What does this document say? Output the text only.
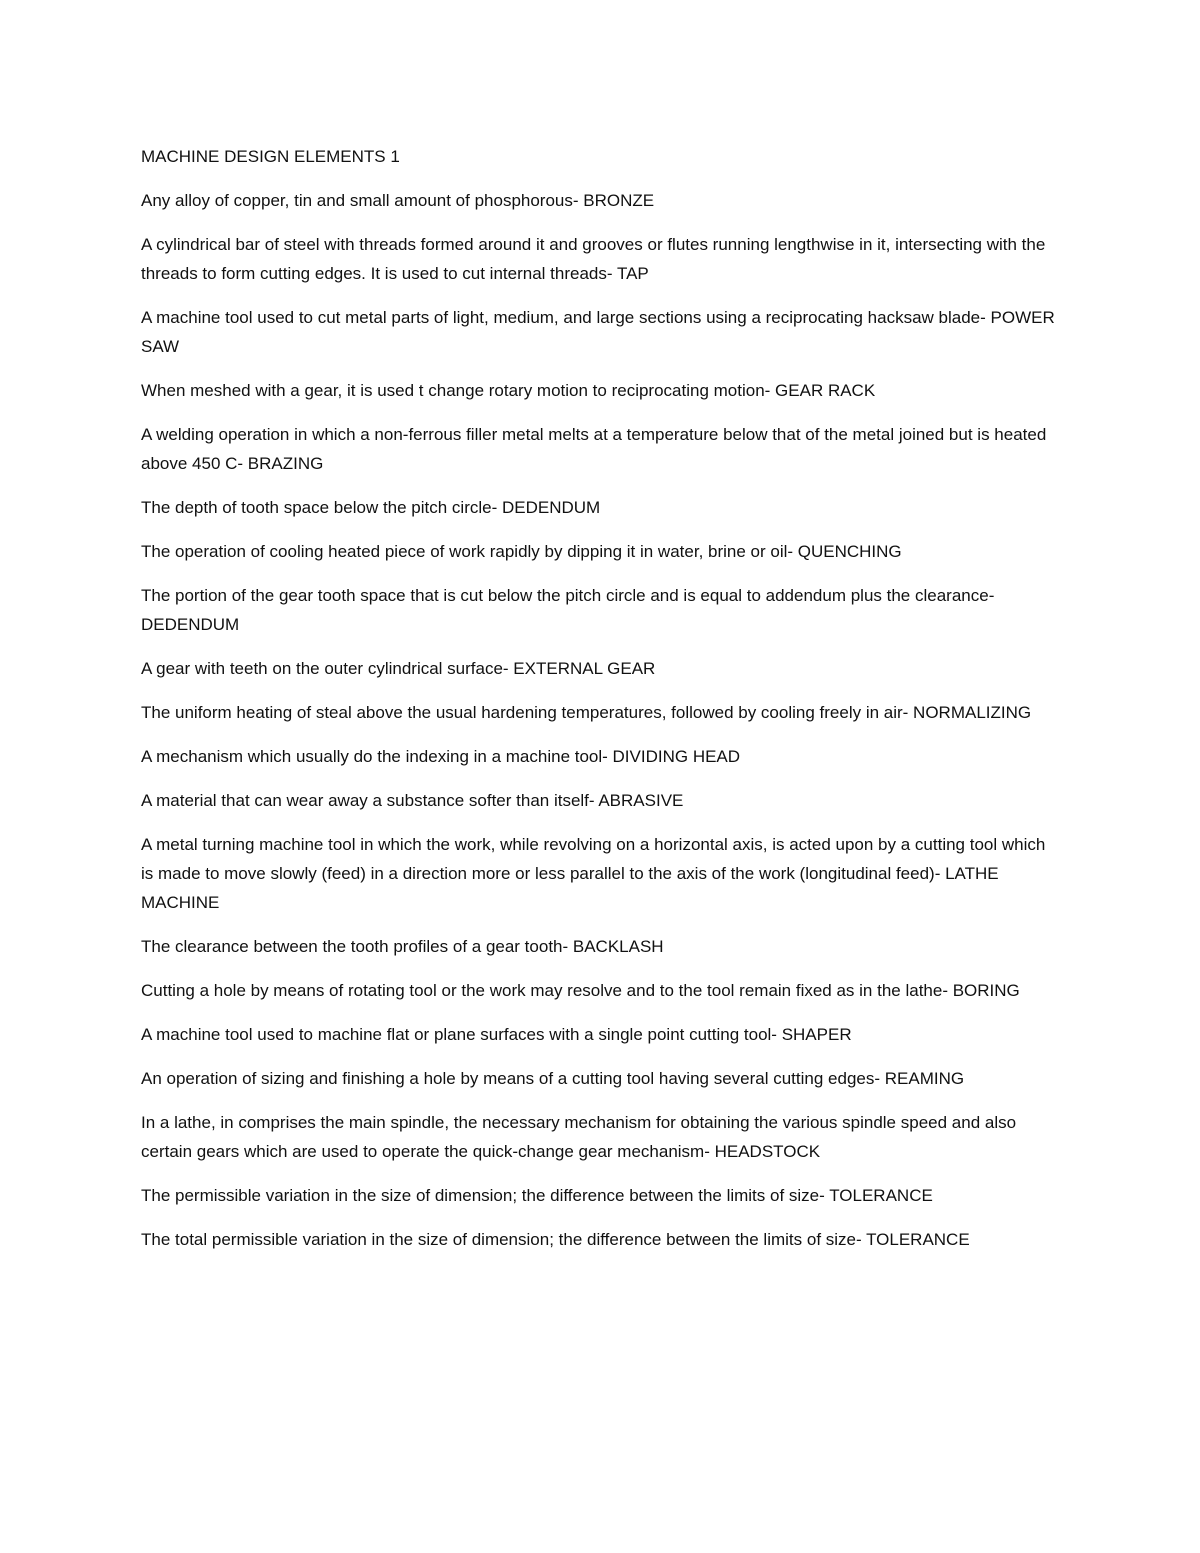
MACHINE DESIGN ELEMENTS 1

Any alloy of copper, tin and small amount of phosphorous- BRONZE

A cylindrical bar of steel with threads formed around it and grooves or flutes running lengthwise in it, intersecting with the threads to form cutting edges. It is used to cut internal threads- TAP

A machine tool used to cut metal parts of light, medium, and large sections using a reciprocating hacksaw blade- POWER SAW

When meshed with a gear, it is used t change rotary motion to reciprocating motion- GEAR RACK

A welding operation in which a non-ferrous filler metal melts at a temperature below that of the metal joined but is heated above 450 C- BRAZING

The depth of tooth space below the pitch circle- DEDENDUM

The operation of cooling heated piece of work rapidly by dipping it in water, brine or oil- QUENCHING

The portion of the gear tooth space that is cut below the pitch circle and is equal to addendum plus the clearance- DEDENDUM

A gear with teeth on the outer cylindrical surface- EXTERNAL GEAR

The uniform heating of steal above the usual hardening temperatures, followed by cooling freely in air- NORMALIZING

A mechanism which usually do the indexing in a machine tool- DIVIDING HEAD

A material that can wear away a substance softer than itself- ABRASIVE

A metal turning machine tool in which the work, while revolving on a horizontal axis, is acted upon by a cutting tool which is made to move slowly (feed) in a direction more or less parallel to the axis of the work (longitudinal feed)- LATHE MACHINE

The clearance between the tooth profiles of a gear tooth- BACKLASH

Cutting a hole by means of rotating tool or the work may resolve and to the tool remain fixed as in the lathe- BORING

A machine tool used to machine flat or plane surfaces with a single point cutting tool- SHAPER

An operation of sizing and finishing a hole by means of a cutting tool having several cutting edges- REAMING

In a lathe, in comprises the main spindle, the necessary mechanism for obtaining the various spindle speed and also certain gears which are used to operate the quick-change gear mechanism- HEADSTOCK

The permissible variation in the size of dimension; the difference between the limits of size- TOLERANCE

The total permissible variation in the size of dimension; the difference between the limits of size- TOLERANCE
